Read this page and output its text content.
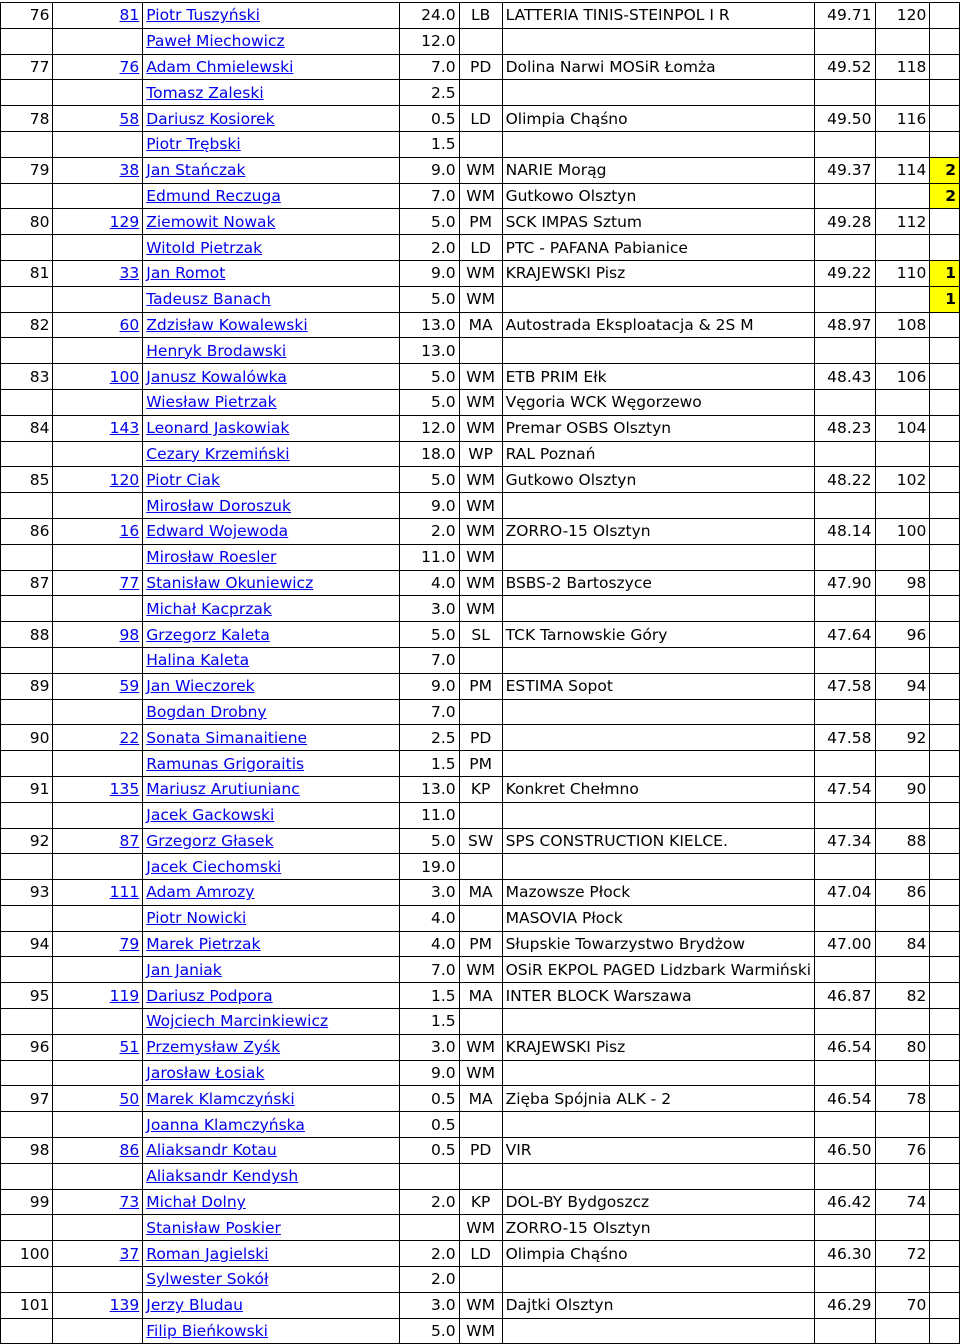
76	81	Piotr Tuszyński	24.0	LB	LATTERIA TINIS-STEINPOL I R	49.71	120	
		Paweł Miechowicz	12.0					
77	76	Adam Chmielewski	7.0	PD	Dolina Narwi MOSiR Łomża	49.52	118	
		Tomasz Zaleski	2.5					
78	58	Dariusz Kosiorek	0.5	LD	Olimpia Chąśno	49.50	116	
		Piotr Trębski	1.5					
79	38	Jan Stańczak	9.0	WM	NARIE Morąg	49.37	114	2
		Edmund Reczuga	7.0	WM	Gutkowo Olsztyn			2
80	129	Ziemowit Nowak	5.0	PM	SCK IMPAS Sztum	49.28	112	
		Witold Pietrzak	2.0	LD	PTC - PAFANA Pabianice			
81	33	Jan Romot	9.0	WM	KRAJEWSKI Pisz	49.22	110	1
		Tadeusz Banach	5.0	WM				1
82	60	Zdzisław Kowalewski	13.0	MA	Autostrada Eksploatacja & 2S M	48.97	108	
		Henryk Brodawski	13.0					
83	100	Janusz Kowalówka	5.0	WM	ETB PRIM Ełk	48.43	106	
		Wiesław Pietrzak	5.0	WM	Vęgoria WCK Węgorzewo			
84	143	Leonard Jaskowiak	12.0	WM	Premar OSBS Olsztyn	48.23	104	
		Cezary Krzemiński	18.0	WP	RAL Poznań			
85	120	Piotr Ciak	5.0	WM	Gutkowo Olsztyn	48.22	102	
		Mirosław Doroszuk	9.0	WM				
86	16	Edward Wojewoda	2.0	WM	ZORRO-15 Olsztyn	48.14	100	
		Mirosław Roesler	11.0	WM				
87	77	Stanisław Okuniewicz	4.0	WM	BSBS-2 Bartoszyce	47.90	98	
		Michał Kacprzak	3.0	WM				
88	98	Grzegorz Kaleta	5.0	SL	TCK Tarnowskie Góry	47.64	96	
		Halina Kaleta	7.0					
89	59	Jan Wieczorek	9.0	PM	ESTIMA Sopot	47.58	94	
		Bogdan Drobny	7.0					
90	22	Sonata Simanaitiene	2.5	PD		47.58	92	
		Ramunas Grigoraitis	1.5	PM				
91	135	Mariusz Arutiunianc	13.0	KP	Konkret Chełmno	47.54	90	
		Jacek Gackowski	11.0					
92	87	Grzegorz Głasek	5.0	SW	SPS CONSTRUCTION KIELCE.	47.34	88	
		Jacek Ciechomski	19.0					
93	111	Adam Amrozy	3.0	MA	Mazowsze Płock	47.04	86	
		Piotr Nowicki	4.0		MASOVIA Płock			
94	79	Marek Pietrzak	4.0	PM	Słupskie Towarzystwo Brydżow	47.00	84	
		Jan Janiak	7.0	WM	OSiR EKPOL PAGED Lidzbark Warmiński			
95	119	Dariusz Podpora	1.5	MA	INTER BLOCK Warszawa	46.87	82	
		Wojciech Marcinkiewicz	1.5					
96	51	Przemysław Zyśk	3.0	WM	KRAJEWSKI Pisz	46.54	80	
		Jarosław Łosiak	9.0	WM				
97	50	Marek Klamczyński	0.5	MA	Zięba Spójnia ALK - 2	46.54	78	
		Joanna Klamczyńska	0.5					
98	86	Aliaksandr Kotau	0.5	PD	VIR	46.50	76	
		Aliaksandr Kendysh						
99	73	Michał Dolny	2.0	KP	DOL-BY Bydgoszcz	46.42	74	
		Stanisław Poskier		WM	ZORRO-15 Olsztyn			
100	37	Roman Jagielski	2.0	LD	Olimpia Chąśno	46.30	72	
		Sylwester Sokół	2.0					
101	139	Jerzy Bludau	3.0	WM	Dajtki Olsztyn	46.29	70	
		Filip Bieńkowski	5.0	WM				
